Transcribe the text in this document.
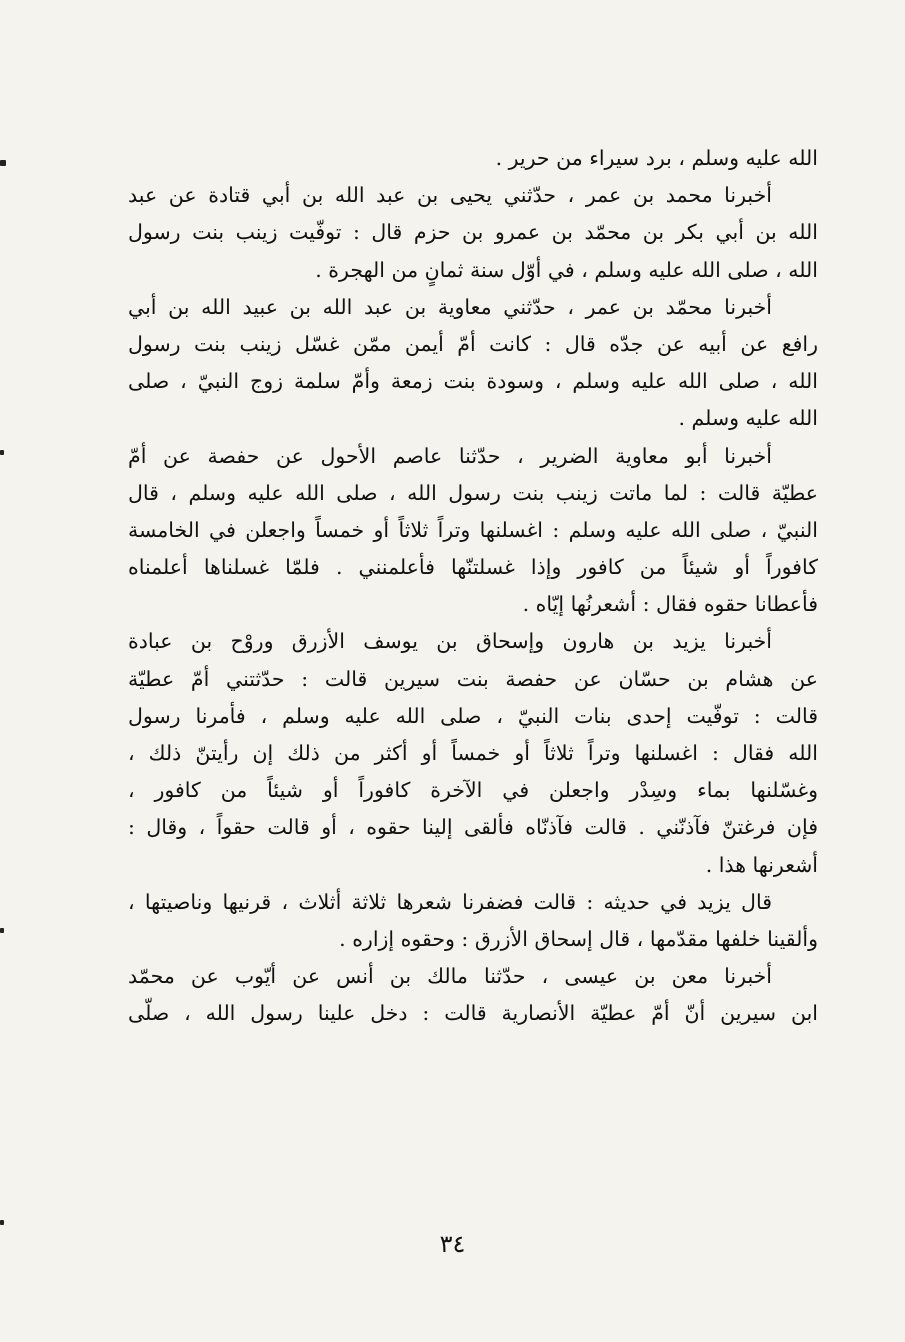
الله عليه وسلم ، برد سيراء من حرير .
أخبرنا محمد بن عمر ، حدّثني يحيى بن عبد الله بن أبي قتادة عن عبد
الله بن أبي بكر بن محمّد بن عمرو بن حزم قال : توفّيت زينب بنت رسول
الله ، صلى الله عليه وسلم ، في أوّل سنة ثمانٍ من الهجرة .
أخبرنا محمّد بن عمر ، حدّثني معاوية بن عبد الله بن عبيد الله بن أبي
رافع عن أبيه عن جدّه قال : كانت أمّ أيمن ممّن غسّل زينب بنت رسول
الله ، صلى الله عليه وسلم ، وسودة بنت زمعة وأمّ سلمة زوج النبيّ ، صلى
الله عليه وسلم .
أخبرنا أبو معاوية الضرير ، حدّثنا عاصم الأحول عن حفصة عن أمّ
عطيّة قالت : لما ماتت زينب بنت رسول الله ، صلى الله عليه وسلم ، قال
النبيّ ، صلى الله عليه وسلم : اغسلنها وتراً ثلاثاً أو خمساً واجعلن في الخامسة
كافوراً أو شيئاً من كافور وإذا غسلتنّها فأعلمنني . فلمّا غسلناها أعلمناه
فأعطانا حقوه فقال : أشعرنُها إيّاه .
أخبرنا يزيد بن هارون وإسحاق بن يوسف الأزرق وروْح بن عبادة
عن هشام بن حسّان عن حفصة بنت سيرين قالت : حدّثتني أمّ عطيّة
قالت : توفّيت إحدى بنات النبيّ ، صلى الله عليه وسلم ، فأمرنا رسول
الله فقال : اغسلنها وتراً ثلاثاً أو خمساً أو أكثر من ذلك إن رأيتنّ ذلك ،
وغسّلنها بماء وسِدْر واجعلن في الآخرة كافوراً أو شيئاً من كافور ،
فإن فرغتنّ فآذنّني . قالت فآذنّاه فألقى إلينا حقوه ، أو قالت حقواً ، وقال :
أشعرنها هذا .
قال يزيد في حديثه : قالت فضفرنا شعرها ثلاثة أثلاث ، قرنيها وناصيتها ،
وألقينا خلفها مقدّمها ، قال إسحاق الأزرق : وحقوه إزاره .
أخبرنا معن بن عيسى ، حدّثنا مالك بن أنس عن أيّوب عن محمّد
ابن سيرين أنّ أمّ عطيّة الأنصارية قالت : دخل علينا رسول الله ، صلّى
٣٤
